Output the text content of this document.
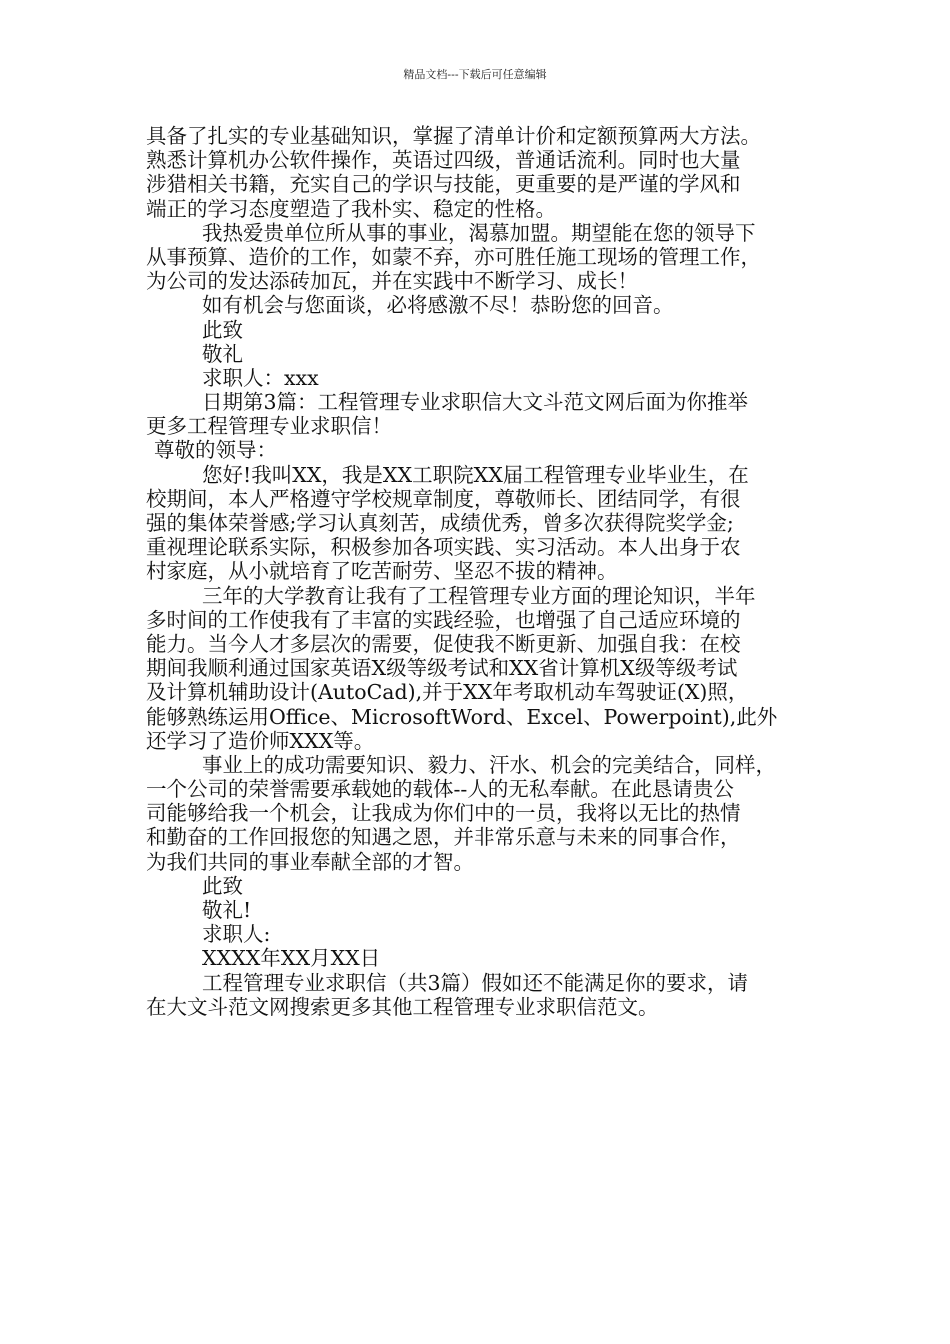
精品文档---下载后可任意编辑
具备了扎实的专业基础知识，掌握了清单计价和定额预算两大方法。
熟悉计算机办公软件操作，英语过四级，普通话流利。同时也大量
涉猎相关书籍，充实自己的学识与技能，更重要的是严谨的学风和
端正的学习态度塑造了我朴实、稳定的性格。
我热爱贵单位所从事的事业，渴慕加盟。期望能在您的领导下
从事预算、造价的工作，如蒙不弃，亦可胜任施工现场的管理工作，
为公司的发达添砖加瓦，并在实践中不断学习、成长！
如有机会与您面谈，必将感激不尽！恭盼您的回音。
此致
敬礼
求职人：xxx
日期第3篇：工程管理专业求职信大文斗范文网后面为你推举
更多工程管理专业求职信！
尊敬的领导：
您好!我叫XX，我是XX工职院XX届工程管理专业毕业生，在
校期间，本人严格遵守学校规章制度，尊敬师长、团结同学，有很
强的集体荣誉感;学习认真刻苦，成绩优秀，曾多次获得院奖学金;
重视理论联系实际，积极参加各项实践、实习活动。本人出身于农
村家庭，从小就培育了吃苦耐劳、坚忍不拔的精神。
三年的大学教育让我有了工程管理专业方面的理论知识，半年
多时间的工作使我有了丰富的实践经验，也增强了自己适应环境的
能力。当今人才多层次的需要，促使我不断更新、加强自我：在校
期间我顺利通过国家英语X级等级考试和XX省计算机X级等级考试
及计算机辅助设计(AutoCad),并于XX年考取机动车驾驶证(X)照，
能够熟练运用Office、MicrosoftWord、Excel、Powerpoint),此外
还学习了造价师XXX等。
事业上的成功需要知识、毅力、汗水、机会的完美结合，同样，
一个公司的荣誉需要承载她的载体--人的无私奉献。在此恳请贵公
司能够给我一个机会，让我成为你们中的一员，我将以无比的热情
和勤奋的工作回报您的知遇之恩，并非常乐意与未来的同事合作，
为我们共同的事业奉献全部的才智。
此致
敬礼!
求职人:
XXXX年XX月XX日
工程管理专业求职信（共3篇）假如还不能满足你的要求，请
在大文斗范文网搜索更多其他工程管理专业求职信范文。
